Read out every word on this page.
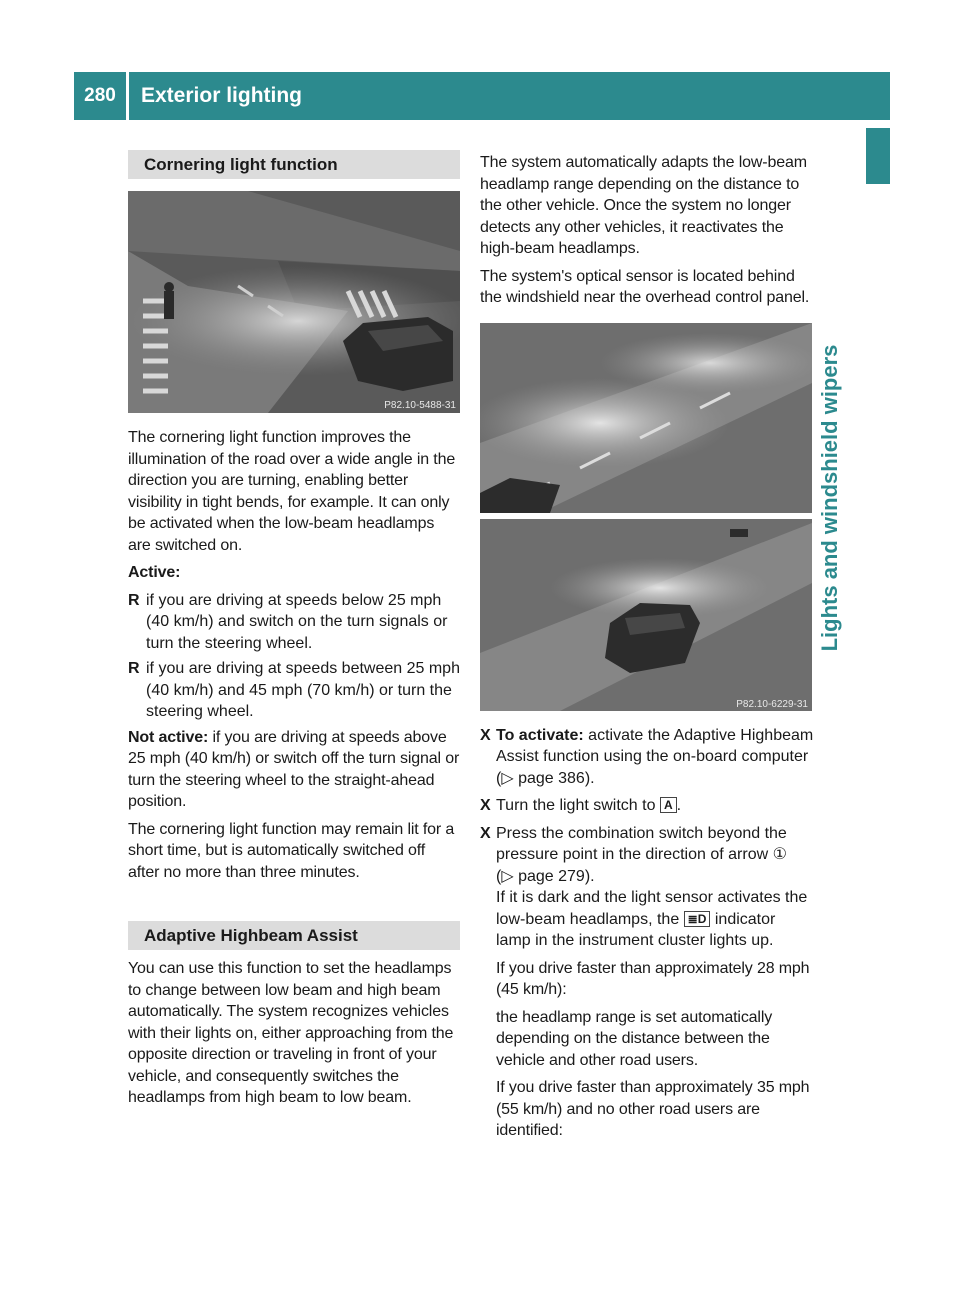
280	Exterior lighting
Lights and windshield wipers
Cornering light function
P82.10-5488-31

The cornering light function improves the illumination of the road over a wide angle in the direction you are turning, enabling better visibility in tight bends, for example. It can only be activated when the low-beam headlamps are switched on.

Active:

R if you are driving at speeds below 25 mph (40 km/h) and switch on the turn signals or turn the steering wheel.
R if you are driving at speeds between 25 mph (40 km/h) and 45 mph (70 km/h) or turn the steering wheel.

Not active: if you are driving at speeds above 25 mph (40 km/h) or switch off the turn signal or turn the steering wheel to the straight-ahead position.

The cornering light function may remain lit for a short time, but is automatically switched off after no more than three minutes.

Adaptive Highbeam Assist

You can use this function to set the headlamps to change between low beam and high beam automatically. The system recognizes vehicles with their lights on, either approaching from the opposite direction or traveling in front of your vehicle, and consequently switches the headlamps from high beam to low beam.

The system automatically adapts the low-beam headlamp range depending on the distance to the other vehicle. Once the system no longer detects any other vehicles, it reactivates the high-beam headlamps.

The system's optical sensor is located behind the windshield near the overhead control panel.

P82.10-6229-31
X To activate: activate the Adaptive Highbeam Assist function using the on-board computer (▷ page 386).
X Turn the light switch to A .
X Press the combination switch beyond the pressure point in the direction of arrow ①
(▷ page 279).
If it is dark and the light sensor activates the low-beam headlamps, the ≣D indicator lamp in the instrument cluster lights up.

If you drive faster than approximately 28 mph (45 km/h):

the headlamp range is set automatically depending on the distance between the vehicle and other road users.

If you drive faster than approximately 35 mph (55 km/h) and no other road users are identified:
